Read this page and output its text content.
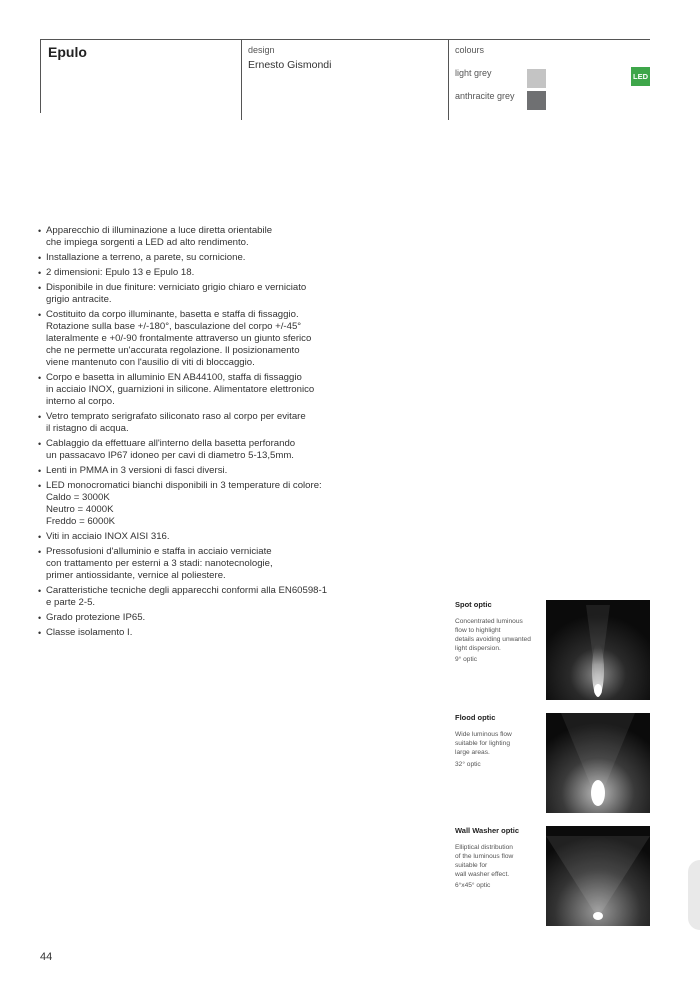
Epulo	design
Ernesto Gismondi
colours
light grey
anthracite grey
LED
• Apparecchio di illuminazione a luce diretta orientabile
che impiega sorgenti a LED ad alto rendimento.
• Installazione a terreno, a parete, su cornicione.
• 2 dimensioni: Epulo 13 e Epulo 18.
• Disponibile in due finiture: verniciato grigio chiaro e verniciato
grigio antracite.
• Costituito da corpo illuminante, basetta e staffa di fissaggio.
Rotazione sulla base +/-180°, basculazione del corpo +/-45°
lateralmente e +0/-90 frontalmente attraverso un giunto sferico
che ne permette un'accurata regolazione. Il posizionamento
viene mantenuto con l'ausilio di viti di bloccaggio.
• Corpo e basetta in alluminio EN AB44100, staffa di fissaggio
in acciaio INOX, guarnizioni in silicone. Alimentatore elettronico
interno al corpo.
• Vetro temprato serigrafato siliconato raso al corpo per evitare
il ristagno di acqua.
• Cablaggio da effettuare all'interno della basetta perforando
un passacavo IP67 idoneo per cavi di diametro 5-13,5mm.
• Lenti in PMMA in 3 versioni di fasci diversi.
• LED monocromatici bianchi disponibili in 3 temperature di colore:
Caldo = 3000K
Neutro = 4000K
Freddo = 6000K
• Viti in acciaio INOX AISI 316.
• Pressofusioni d'alluminio e staffa in acciaio verniciate
con trattamento per esterni a 3 stadi: nanotecnologie,
primer antiossidante, vernice al poliestere.
• Caratteristiche tecniche degli apparecchi conformi alla EN60598-1
e parte 2-5.
• Grado protezione IP65.
• Classe isolamento I.
Spot optic
Concentrated luminous
flow to highlight
details avoiding unwanted
light dispersion.
9° optic
Flood optic
Wide luminous flow
suitable for lighting
large areas.
32° optic
Wall Washer optic
Elliptical distribution
of the luminous flow
suitable for
wall washer effect.
6°x45° optic
44
